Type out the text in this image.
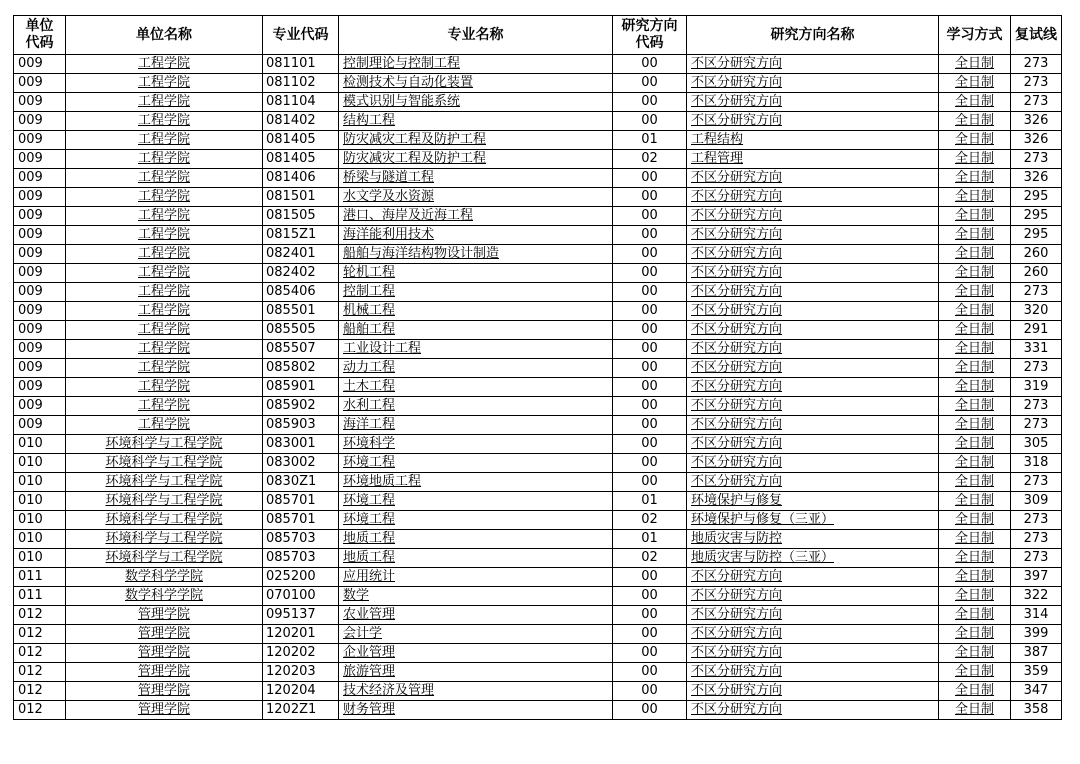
单位代码	单位名称	专业代码	专业名称	研究方向代码	研究方向名称	学习方式	复试线
009	工程学院	081101	控制理论与控制工程	00	不区分研究方向	全日制	273
009	工程学院	081102	检测技术与自动化装置	00	不区分研究方向	全日制	273
009	工程学院	081104	模式识别与智能系统	00	不区分研究方向	全日制	273
009	工程学院	081402	结构工程	00	不区分研究方向	全日制	326
009	工程学院	081405	防灾减灾工程及防护工程	01	工程结构	全日制	326
009	工程学院	081405	防灾减灾工程及防护工程	02	工程管理	全日制	273
009	工程学院	081406	桥梁与隧道工程	00	不区分研究方向	全日制	326
009	工程学院	081501	水文学及水资源	00	不区分研究方向	全日制	295
009	工程学院	081505	港口、海岸及近海工程	00	不区分研究方向	全日制	295
009	工程学院	0815Z1	海洋能利用技术	00	不区分研究方向	全日制	295
009	工程学院	082401	船舶与海洋结构物设计制造	00	不区分研究方向	全日制	260
009	工程学院	082402	轮机工程	00	不区分研究方向	全日制	260
009	工程学院	085406	控制工程	00	不区分研究方向	全日制	273
009	工程学院	085501	机械工程	00	不区分研究方向	全日制	320
009	工程学院	085505	船舶工程	00	不区分研究方向	全日制	291
009	工程学院	085507	工业设计工程	00	不区分研究方向	全日制	331
009	工程学院	085802	动力工程	00	不区分研究方向	全日制	273
009	工程学院	085901	土木工程	00	不区分研究方向	全日制	319
009	工程学院	085902	水利工程	00	不区分研究方向	全日制	273
009	工程学院	085903	海洋工程	00	不区分研究方向	全日制	273
010	环境科学与工程学院	083001	环境科学	00	不区分研究方向	全日制	305
010	环境科学与工程学院	083002	环境工程	00	不区分研究方向	全日制	318
010	环境科学与工程学院	0830Z1	环境地质工程	00	不区分研究方向	全日制	273
010	环境科学与工程学院	085701	环境工程	01	环境保护与修复	全日制	309
010	环境科学与工程学院	085701	环境工程	02	环境保护与修复（三亚）	全日制	273
010	环境科学与工程学院	085703	地质工程	01	地质灾害与防控	全日制	273
010	环境科学与工程学院	085703	地质工程	02	地质灾害与防控（三亚）	全日制	273
011	数学科学学院	025200	应用统计	00	不区分研究方向	全日制	397
011	数学科学学院	070100	数学	00	不区分研究方向	全日制	322
012	管理学院	095137	农业管理	00	不区分研究方向	全日制	314
012	管理学院	120201	会计学	00	不区分研究方向	全日制	399
012	管理学院	120202	企业管理	00	不区分研究方向	全日制	387
012	管理学院	120203	旅游管理	00	不区分研究方向	全日制	359
012	管理学院	120204	技术经济及管理	00	不区分研究方向	全日制	347
012	管理学院	1202Z1	财务管理	00	不区分研究方向	全日制	358
